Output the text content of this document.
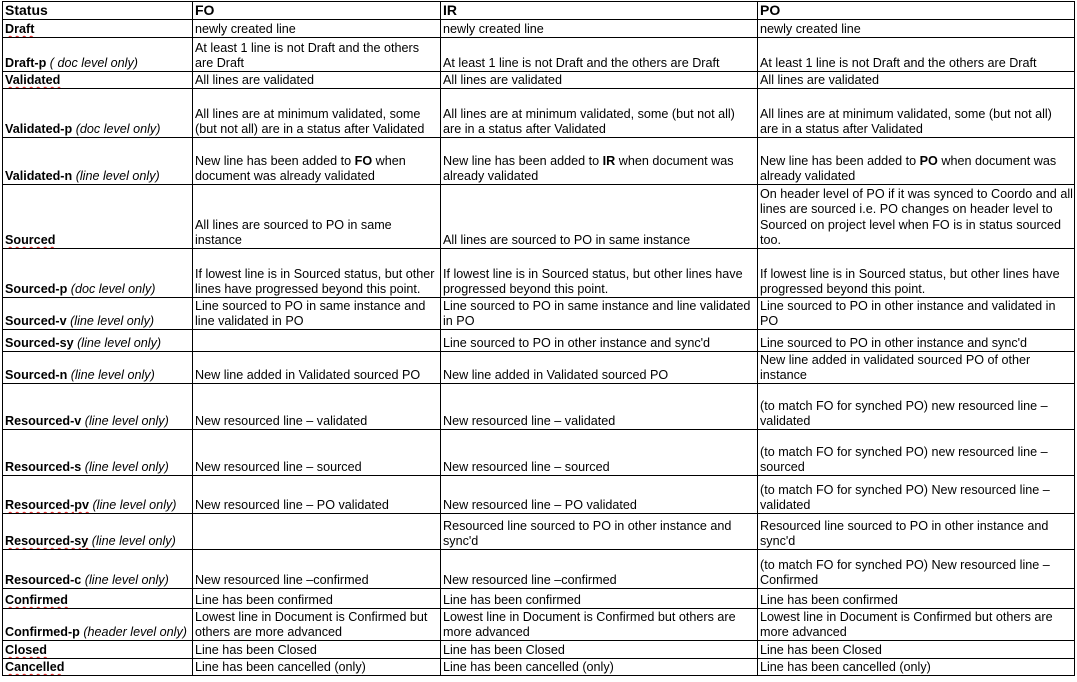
Status	FO	IR	PO
Draft	newly created line	newly created line	newly created line
Draft-p ( doc level only)	At least 1 line is not Draft and the others are Draft	At least 1 line is not Draft and the others are Draft	At least 1 line is not Draft and the others are Draft
Validated	All lines are validated	All lines are validated	All lines are validated
Validated-p (doc level only)	All lines are at minimum validated, some (but not all) are in a status after Validated	All lines are at minimum validated, some (but not all) are in a status after Validated	All lines are at minimum validated, some (but not all) are in a status after Validated
Validated-n (line level only)	New line has been added to FO when document was already validated	New line has been added to IR when document was already validated	New line has been added to PO when document was already validated
Sourced	All lines are sourced to PO in same instance	All lines are sourced to PO in same instance	On header level of PO if it was synced to Coordo and all lines are sourced i.e. PO changes on header level to Sourced on project level when FO is in status sourced too.
Sourced-p (doc level only)	If lowest line is in Sourced status, but other lines have progressed beyond this point.	If lowest line is in Sourced status, but other lines have progressed beyond this point.	If lowest line is in Sourced status, but other lines have progressed beyond this point.
Sourced-v (line level only)	Line sourced to PO in same instance and line validated in PO	Line sourced to PO in same instance and line validated in PO	Line sourced to PO in other instance and validated in PO
Sourced-sy (line level only)		Line sourced to PO in other instance and sync'd	Line sourced to PO in other instance and sync'd
Sourced-n (line level only)	New line added in Validated sourced PO	New line added in Validated sourced PO	New line added in validated sourced PO of other instance
Resourced-v (line level only)	New resourced line – validated	New resourced line – validated	(to match FO for synched PO) new resourced line – validated
Resourced-s (line level only)	New resourced line – sourced	New resourced line – sourced	(to match FO for synched PO) new resourced line – sourced
Resourced-pv (line level only)	New resourced line – PO validated	New resourced line – PO validated	(to match FO for synched PO) New resourced line – validated
Resourced-sy (line level only)		Resourced line sourced to PO in other instance and sync'd	Resourced line sourced to PO in other instance and sync'd
Resourced-c (line level only)	New resourced line –confirmed	New resourced line –confirmed	(to match FO for synched PO) New resourced line – Confirmed
Confirmed	Line has been confirmed	Line has been confirmed	Line has been confirmed
Confirmed-p (header level only)	Lowest line in Document is Confirmed but others are more advanced	Lowest line in Document is Confirmed but others are more advanced	Lowest line in Document is Confirmed but others are more advanced
Closed	Line has been Closed	Line has been Closed	Line has been Closed
Cancelled	Line has been cancelled (only)	Line has been cancelled (only)	Line has been cancelled (only)
